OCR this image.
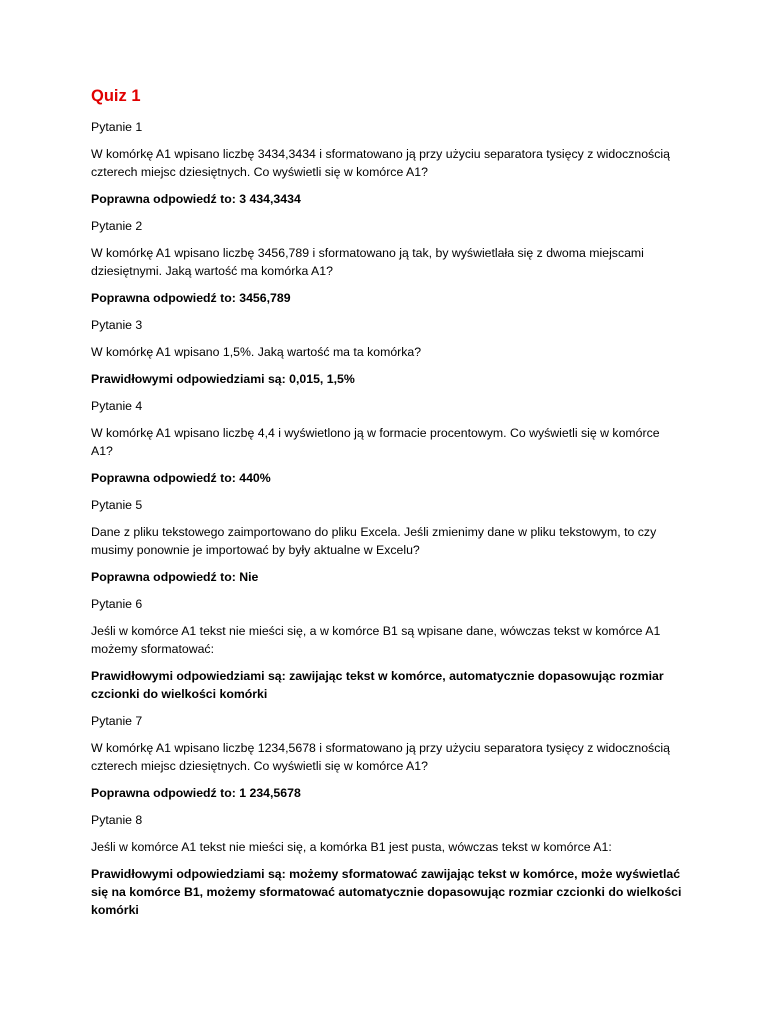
Quiz 1

Pytanie 1

W komórkę A1 wpisano liczbę 3434,3434 i sformatowano ją przy użyciu separatora tysięcy z widocznością czterech miejsc dziesiętnych. Co wyświetli się w komórce A1?

Poprawna odpowiedź to: 3 434,3434

Pytanie 2

W komórkę A1 wpisano liczbę 3456,789 i sformatowano ją tak, by wyświetlała się z dwoma miejscami dziesiętnymi. Jaką wartość ma komórka A1?

Poprawna odpowiedź to: 3456,789

Pytanie 3

W komórkę A1 wpisano 1,5%. Jaką wartość ma ta komórka?

Prawidłowymi odpowiedziami są: 0,015, 1,5%

Pytanie 4

W komórkę A1 wpisano liczbę 4,4 i wyświetlono ją w formacie procentowym. Co wyświetli się w komórce A1?

Poprawna odpowiedź to: 440%

Pytanie 5

Dane z pliku tekstowego zaimportowano do pliku Excela. Jeśli zmienimy dane w pliku tekstowym, to czy musimy ponownie je importować by były aktualne w Excelu?

Poprawna odpowiedź to: Nie

Pytanie 6

Jeśli w komórce A1 tekst nie mieści się, a w komórce B1 są wpisane dane, wówczas tekst w komórce A1 możemy sformatować:

Prawidłowymi odpowiedziami są: zawijając tekst w komórce, automatycznie dopasowując rozmiar czcionki do wielkości komórki

Pytanie 7

W komórkę A1 wpisano liczbę 1234,5678 i sformatowano ją przy użyciu separatora tysięcy z widocznością czterech miejsc dziesiętnych. Co wyświetli się w komórce A1?

Poprawna odpowiedź to: 1 234,5678

Pytanie 8

Jeśli w komórce A1 tekst nie mieści się, a komórka B1 jest pusta, wówczas tekst w komórce A1:

Prawidłowymi odpowiedziami są: możemy sformatować zawijając tekst w komórce, może wyświetlać się na komórce B1, możemy sformatować automatycznie dopasowując rozmiar czcionki do wielkości komórki
